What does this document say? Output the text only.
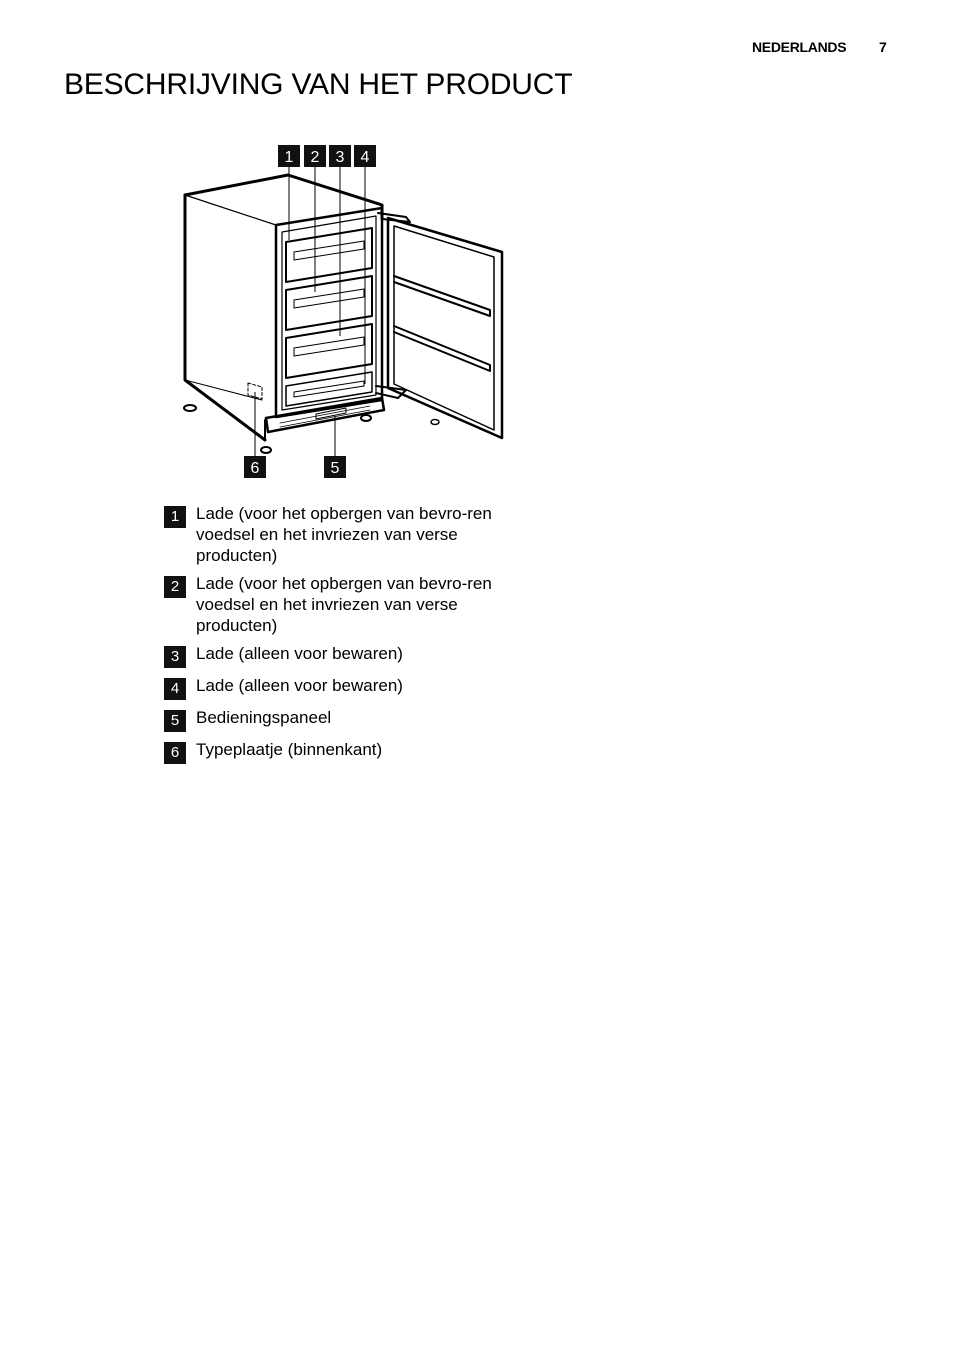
NEDERLANDS 7
BESCHRIJVING VAN HET PRODUCT
1 2 3 4
6	5
1 Lade (voor het opbergen van bevro-ren voedsel en het invriezen van verse producten)
2 Lade (voor het opbergen van bevro-ren voedsel en het invriezen van verse producten)
3 Lade (alleen voor bewaren)
4 Lade (alleen voor bewaren)
5 Bedieningspaneel
6 Typeplaatje (binnenkant)
